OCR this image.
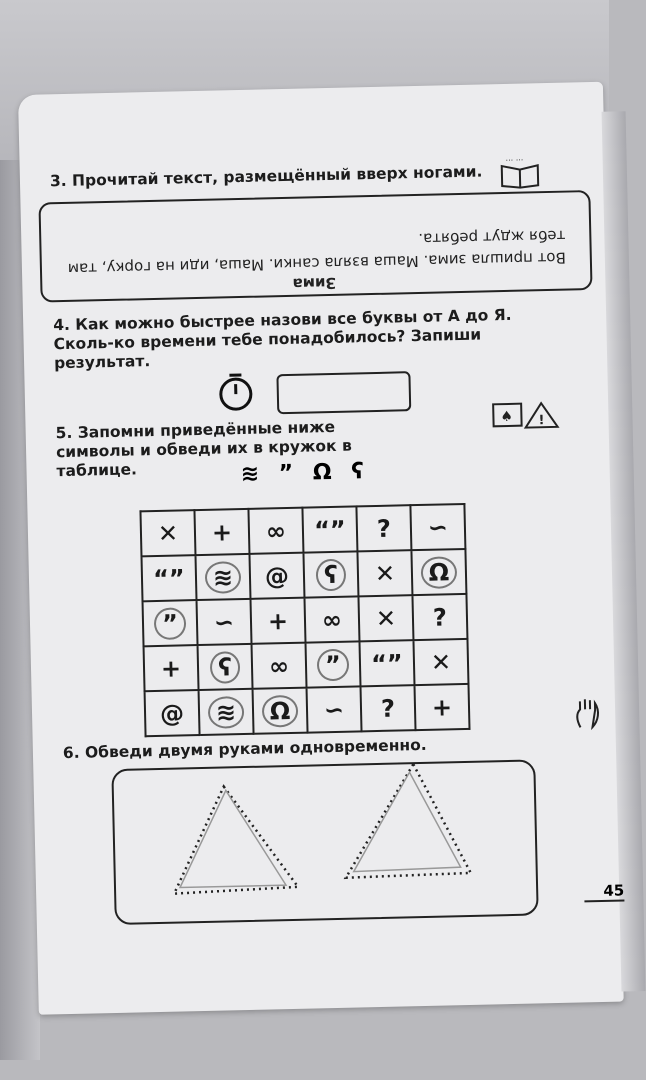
3. Прочитай текст, размещённый вверх ногами.
··· ···
Зима
Вот пришла зима. Маша взяла санки. Маша, иди на горку, там тебя ждут ребята.
4. Как можно быстрее назови все буквы от А до Я. Сколь-ко времени тебе понадобилось? Запиши результат.
5. Запомни приведённые ниже символы и обведи их в кружок в таблице.
♠ !
≋ ” Ω ʕ
✕	+	∞	“”	?	∽
“”	≋	@	ʕ	✕	Ω
”	∽	+	∞	✕	?
+	ʕ	∞	”	“”	✕
@	≋	Ω	∽	?	+
6. Обведи двумя руками одновременно.
45
